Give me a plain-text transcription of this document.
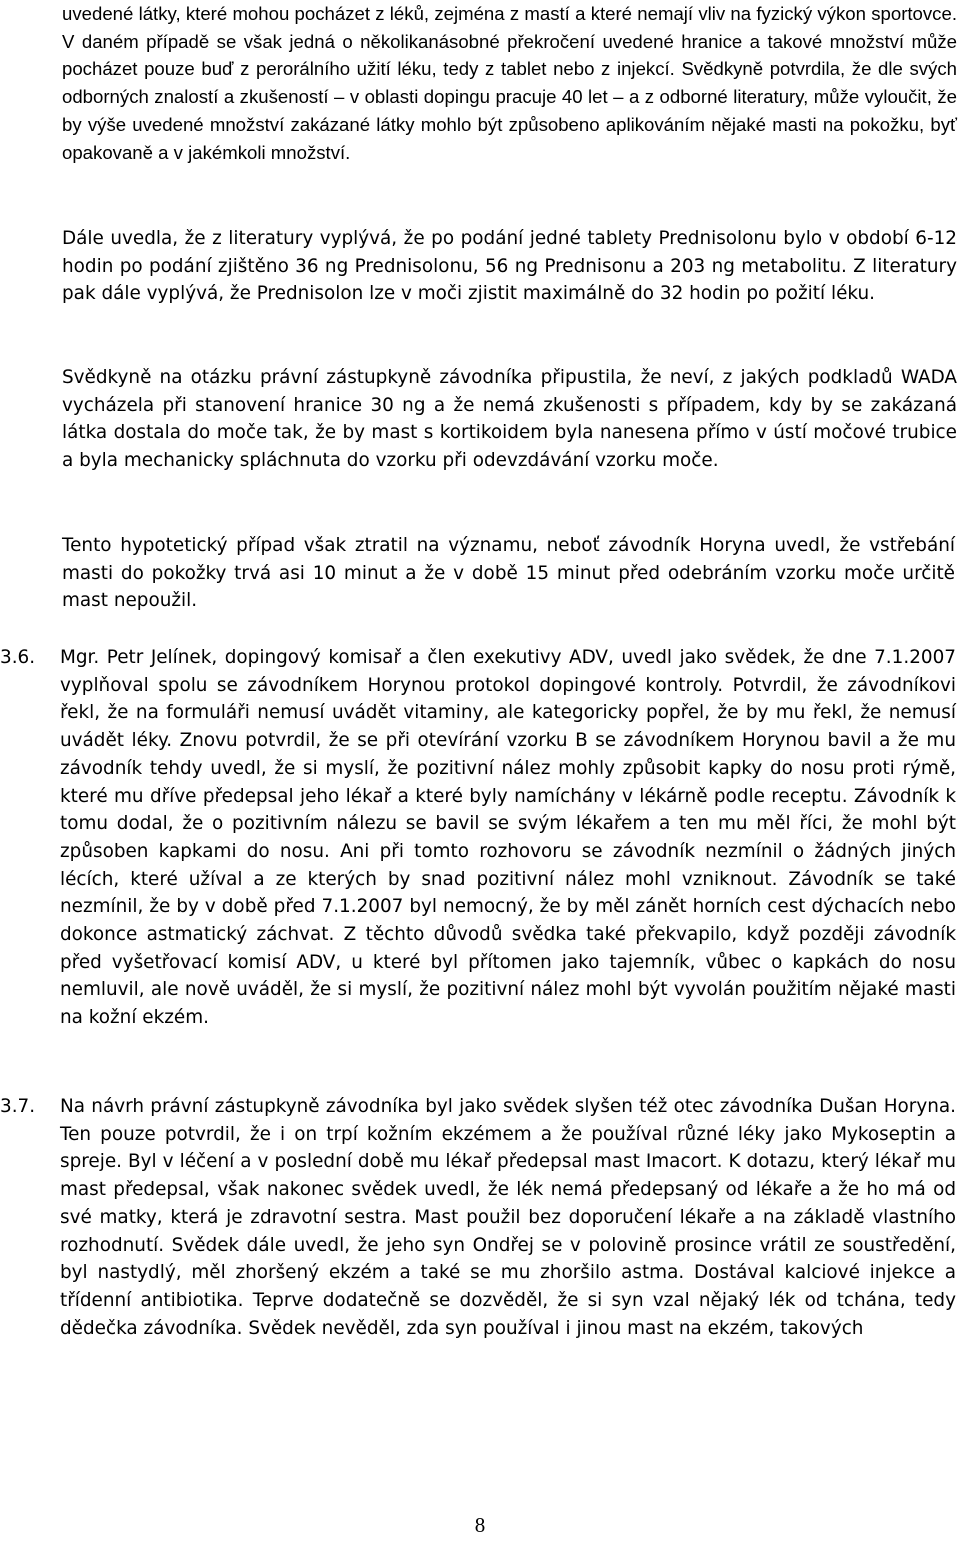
uvedené látky, které mohou pocházet z léků, zejména z mastí a které nemají vliv na fyzický výkon sportovce. V daném případě se však jedná o několikanásobné překročení uvedené hranice a takové množství může pocházet pouze buď z perorálního užití léku, tedy z tablet nebo z injekcí. Svědkyně potvrdila, že dle svých odborných znalostí a zkušeností – v oblasti dopingu pracuje 40 let – a z odborné literatury, může vyloučit, že by výše uvedené množství zakázané látky mohlo být způsobeno aplikováním nějaké masti na pokožku, byť opakovaně a v jakémkoli množství.

Dále uvedla, že z literatury vyplývá, že po podání jedné tablety Prednisolonu bylo v období 6-12 hodin po podání zjištěno 36 ng Prednisolonu, 56 ng Prednisonu a 203 ng metabolitu. Z literatury pak dále vyplývá, že Prednisolon lze v moči zjistit maximálně do 32 hodin po požití léku.

Svědkyně na otázku právní zástupkyně závodníka připustila, že neví, z jakých podkladů WADA vycházela při stanovení hranice 30 ng a že nemá zkušenosti s případem, kdy by se zakázaná látka dostala do moče tak, že by mast s kortikoidem byla nanesena přímo v ústí močové trubice a byla mechanicky spláchnuta do vzorku při odevzdávání vzorku moče.

Tento hypotetický případ však ztratil na významu, neboť závodník Horyna uvedl, že vstřebání masti do pokožky trvá asi 10 minut a že v době 15 minut před odebráním vzorku moče určitě mast nepoužil.

3.6. Mgr. Petr Jelínek, dopingový komisař a člen exekutivy ADV, uvedl jako svědek, že dne 7.1.2007 vyplňoval spolu se závodníkem Horynou protokol dopingové kontroly. Potvrdil, že závodníkovi řekl, že na formuláři nemusí uvádět vitaminy, ale kategoricky popřel, že by mu řekl, že nemusí uvádět léky. Znovu potvrdil, že se při otevírání vzorku B se závodníkem Horynou bavil a že mu závodník tehdy uvedl, že si myslí, že pozitivní nález mohly způsobit kapky do nosu proti rýmě, které mu dříve předepsal jeho lékař a které byly namíchány v lékárně podle receptu. Závodník k tomu dodal, že o pozitivním nálezu se bavil se svým lékařem a ten mu měl říci, že mohl být způsoben kapkami do nosu. Ani při tomto rozhovoru se závodník nezmínil o žádných jiných lécích, které užíval a ze kterých by snad pozitivní nález mohl vzniknout. Závodník se také nezmínil, že by v době před 7.1.2007 byl nemocný, že by měl zánět horních cest dýchacích nebo dokonce astmatický záchvat. Z těchto důvodů svědka také překvapilo, když později závodník před vyšetřovací komisí ADV, u které byl přítomen jako tajemník, vůbec o kapkách do nosu nemluvil, ale nově uváděl, že si myslí, že pozitivní nález mohl být vyvolán použitím nějaké masti na kožní ekzém.

3.7. Na návrh právní zástupkyně závodníka byl jako svědek slyšen též otec závodníka Dušan Horyna. Ten pouze potvrdil, že i on trpí kožním ekzémem a že používal různé léky jako Mykoseptin a spreje. Byl v léčení a v poslední době mu lékař předepsal mast Imacort. K dotazu, který lékař mu mast předepsal, však nakonec svědek uvedl, že lék nemá předepsaný od lékaře a že ho má od své matky, která je zdravotní sestra. Mast použil bez doporučení lékaře a na základě vlastního rozhodnutí. Svědek dále uvedl, že jeho syn Ondřej se v polovině prosince vrátil ze soustředění, byl nastydlý, měl zhoršený ekzém a také se mu zhoršilo astma. Dostával kalciové injekce a třídenní antibiotika. Teprve dodatečně se dozvěděl, že si syn vzal nějaký lék od tchána, tedy dědečka závodníka. Svědek nevěděl, zda syn používal i jinou mast na ekzém, takových

8
